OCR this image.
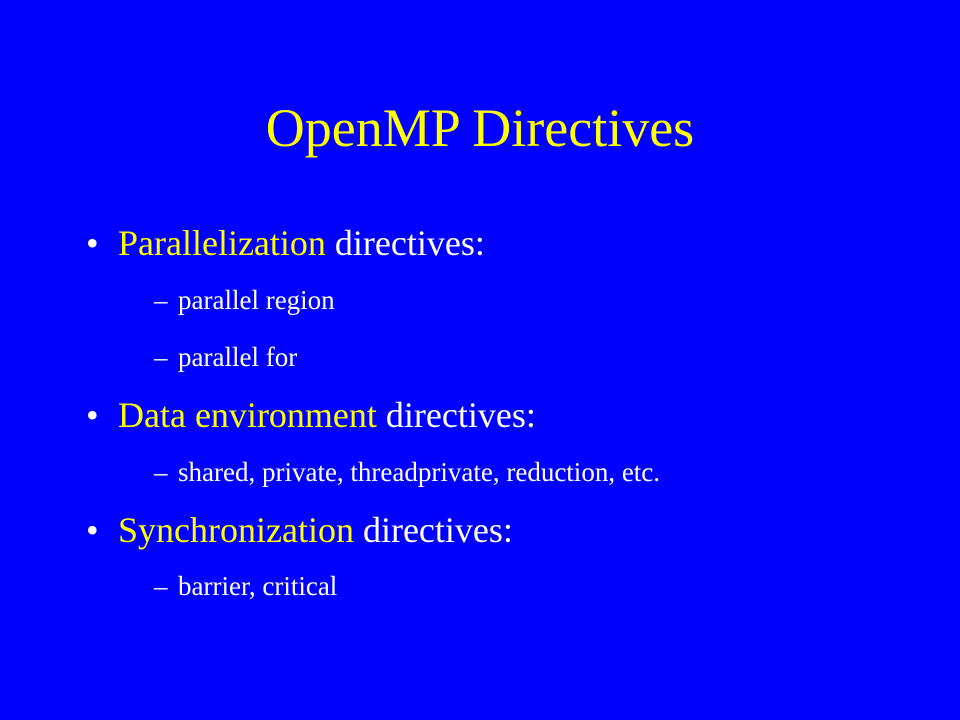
OpenMP Directives
• Parallelization directives:
– parallel region
– parallel for
• Data environment directives:
– shared, private, threadprivate, reduction, etc.
• Synchronization directives:
– barrier, critical
